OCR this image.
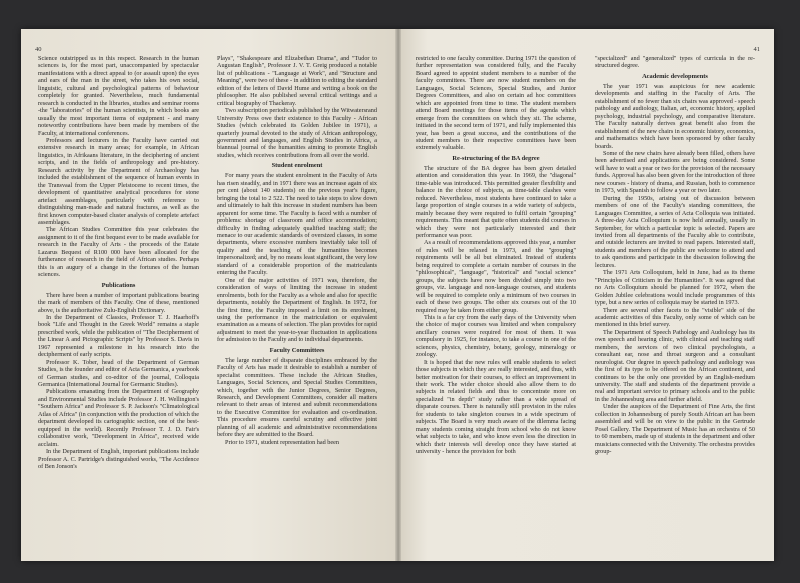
40

Science outstripped us in this respect. Research in the human sciences is, for the most part, unaccompanied by spectacular manifestations with a direct appeal to (or assault upon) the eyes and ears of the man in the street, who takes his own social, linguistic, cultural and psychological patterns of behaviour completely for granted. Nevertheless, much fundamental research is conducted in the libraries, studies and seminar rooms -the "laboratories" of the human scientists, in which books are usually the most important items of equipment - and many noteworthy contributions have been made by members of the Faculty, at international conferences.

Professors and lecturers in the Faculty have carried out extensive research in many areas; for example, in African linguistics, in Afrikaans literature, in the deciphering of ancient scripts, and in the fields of anthropology and pre-history. Research activity by the Department of Archaeology has included the establishment of the sequence of human events in the Transvaal from the Upper Pleistocene to recent times, the development of quantitative analytical procedures for stone artefact assemblages, particularly with reference to distinguishing man-made and natural fractures, as well as the first known computer-based cluster analysis of complete artefact assemblages.

The African Studies Committee this year celebrates the assignment to it of the first bequest ever to be made available for research in the Faculty of Arts - the proceeds of the Estate Lazarus Bequest of R100 000 have been allocated for the furtherance of research in the field of African studies. Perhaps this is an augury of a change in the fortunes of the human sciences.

Publications

There have been a number of important publications bearing the mark of members of this Faculty. One of these, mentioned above, is the authoritative Zulu-English Dictionary.

In the Department of Classics, Professor T. J. Haarhoff's book "Life and Thought in the Greek World" remains a staple prescribed work, while the publication of "The Decipherment of the Linear A and Pictographic Scripts" by Professor S. Davis in 1967 represented a milestone in his research into the decipherment of early scripts.

Professor K. Tober, head of the Department of German Studies, is the founder and editor of Acta Germanica, a yearbook of German studies, and co-editor of the journal, Colloquia Germanica (International Journal for Germanic Studies).

Publications emanating from the Department of Geography and Environmental Studies include Professor J. H. Wellington's "Southern Africa" and Professor S. P. Jackson's "Climatological Atlas of Africa" (in conjunction with the production of which the department developed its cartographic section, one of the best-equipped in the world). Recently Professor T. J. D. Fair's collaborative work, "Development in Africa", received wide acclaim.

In the Department of English, important publications include Professor A. C. Partridge's distinguished works, "The Accidence of Ben Jonson's

Plays", "Shakespeare and Elizabethan Drama", and "Tudor to Augustan English", Professor J. V. T. Greig produced a notable list of publications - "Language at Work", and "Structure and Meaning", were two of these - in addition to editing the standard edition of the letters of David Hume and writing a book on the philosopher. He also published several critical writings and a critical biography of Thackeray.

Two subscription periodicals published by the Witwatersrand University Press owe their existence to this Faculty - African Studies (which celebrated its Golden Jubilee in 1971), a quarterly journal devoted to the study of African anthropology, government and languages, and English Studies in Africa, a biannual journal of the humanities aiming to promote English studies, which receives contributions from all over the world.

Student enrolment

For many years the student enrolment in the Faculty of Arts has risen steadily, and in 1971 there was an increase again of six per cent (about 140 students) on the previous year's figure, bringing the total to 2 522. The need to take steps to slow down and ultimately to halt this increase in student numbers has been apparent for some time. The Faculty is faced with a number of problems: shortage of classroom and office accommodation; difficulty in finding adequately qualified teaching staff; the menace to our academic standards of oversized classes, in some departments, where excessive numbers inevitably take toll of quality and the teaching of the humanities becomes impersonalized; and, by no means least significant, the very low standard of a considerable proportion of the matriculants entering the Faculty.

One of the major activities of 1971 was, therefore, the consideration of ways of limiting the increase in student enrolments, both for the Faculty as a whole and also for specific departments, notably the Department of English. In 1972, for the first time, the Faculty imposed a limit on its enrolment, using the performance in the matriculation or equivalent examination as a means of selection. The plan provides for rapid adjustment to meet the year-to-year fluctuation in applications for admission to the Faculty and to individual departments.

Faculty Committees

The large number of disparate disciplines embraced by the Faculty of Arts has made it desirable to establish a number of specialist committees. These include the African Studies, Languages, Social Sciences, and Special Studies Committees, which, together with the Junior Degrees, Senior Degrees, Research, and Development Committees, consider all matters relevant to their areas of interest and submit recommendations to the Executive Committee for evaluation and co-ordination. This procedure ensures careful scrutiny and effective joint planning of all academic and administrative recommendations before they are submitted to the Board.

Prior to 1971, student representation had been

41

restricted to one faculty committee. During 1971 the question of further representation was considered fully, and the Faculty Board agreed to appoint student members to a number of the faculty committees. There are now student members on the Languages, Social Sciences, Special Studies, and Junior Degrees Committees, and also on certain ad hoc committees which are appointed from time to time. The student members attend Board meetings for those items of the agenda which emerge from the committees on which they sit. The scheme, initiated in the second term of 1971, and fully implemented this year, has been a great success, and the contributions of the student members to their respective committees have been extremely valuable.

Re-structuring of the BA degree

The structure of the BA degree has been given detailed attention and consideration this year. In 1969, the "diagonal" time-table was introduced. This permitted greater flexibility and balance in the choice of subjects, as time-table clashes were reduced. Nevertheless, most students have continued to take a large proportion of single courses in a wide variety of subjects, mainly because they were required to fulfil certain "grouping" requirements. This meant that quite often students did courses in which they were not particularly interested and their performance was poor.

As a result of recommendations approved this year, a number of rules will be relaxed in 1973, and the "grouping" requirements will be all but eliminated. Instead of students being required to complete a certain number of courses in the "philosophical", "language", "historical" and "social science" groups, the subjects have now been divided simply into two groups, viz. language and non-language courses, and students will be required to complete only a minimum of two courses in each of these two groups. The other six courses out of the 10 required may be taken from either group.

This is a far cry from the early days of the University when the choice of major courses was limited and when compulsory ancillary courses were required for most of them. It was compulsory in 1925, for instance, to take a course in one of the sciences, physics, chemistry, botany, geology, mineralogy or zoology.

It is hoped that the new rules will enable students to select those subjects in which they are really interested, and thus, with better motivation for their courses, to effect an improvement in their work. The wider choice should also allow them to do subjects in related fields and thus to concentrate more on specialized "in depth" study rather than a wide spread of disparate courses. There is naturally still provision in the rules for students to take singleton courses in a wide spectrum of subjects. The Board is very much aware of the dilemma facing many students coming straight from school who do not know what subjects to take, and who know even less the direction in which their interests will develop once they have started at university - hence the provision for both

"specialized" and "generalized" types of curricula in the re-structured degree.

Academic developments

The year 1971 was auspicious for new academic developments and staffing in the Faculty of Arts. The establishment of no fewer than six chairs was approved - speech pathology and audiology, Italian, art, economic history, applied psychology, industrial psychology, and comparative literature. The Faculty naturally derives great benefit also from the establishment of the new chairs in economic history, economics, and mathematics which have been sponsored by other faculty boards.

Some of the new chairs have already been filled, others have been advertised and applications are being considered. Some will have to wait a year or two for the provision of the necessary funds. Approval has also been given for the introduction of three new courses - history of drama, and Russian, both to commence in 1973, with Spanish to follow a year or two later.

During the 1950s, arising out of discussion between members of one of the Faculty's standing committees, the Languages Committee, a series of Acta Colloquia was initiated. A three-day Acta Colloquium is now held annually, usually in September, for which a particular topic is selected. Papers are invited from all departments of the Faculty able to contribute, and outside lecturers are invited to read papers. Interested staff, students and members of the public are welcome to attend and to ask questions and participate in the discussion following the lectures.

The 1971 Arts Colloquium, held in June, had as its theme "Principles of Criticism in the Humanities". It was agreed that no Arts Colloquium should be planned for 1972, when the Golden Jubilee celebrations would include programmes of this type, but a new series of colloquia may be started in 1973.

There are several other facets to the "visible" side of the academic activities of this Faculty, only some of which can be mentioned in this brief survey.

The Department of Speech Pathology and Audiology has its own speech and hearing clinic, with clinical and teaching staff members, the services of two clinical psychologists, a consultant ear, nose and throat surgeon and a consultant neurologist. Our degree in speech pathology and audiology was the first of its type to be offered on the African continent, and continues to be the only one provided by an English-medium university. The staff and students of the department provide a real and important service to primary schools and to the public in the Johannesburg area and further afield.

Under the auspices of the Department of Fine Arts, the first collection in Johannesburg of purely South African art has been assembled and will be on view to the public in the Gertrude Posel Gallery. The Department of Music has an orchestra of 50 to 60 members, made up of students in the department and other musicians connected with the University. The orchestra provides group-
